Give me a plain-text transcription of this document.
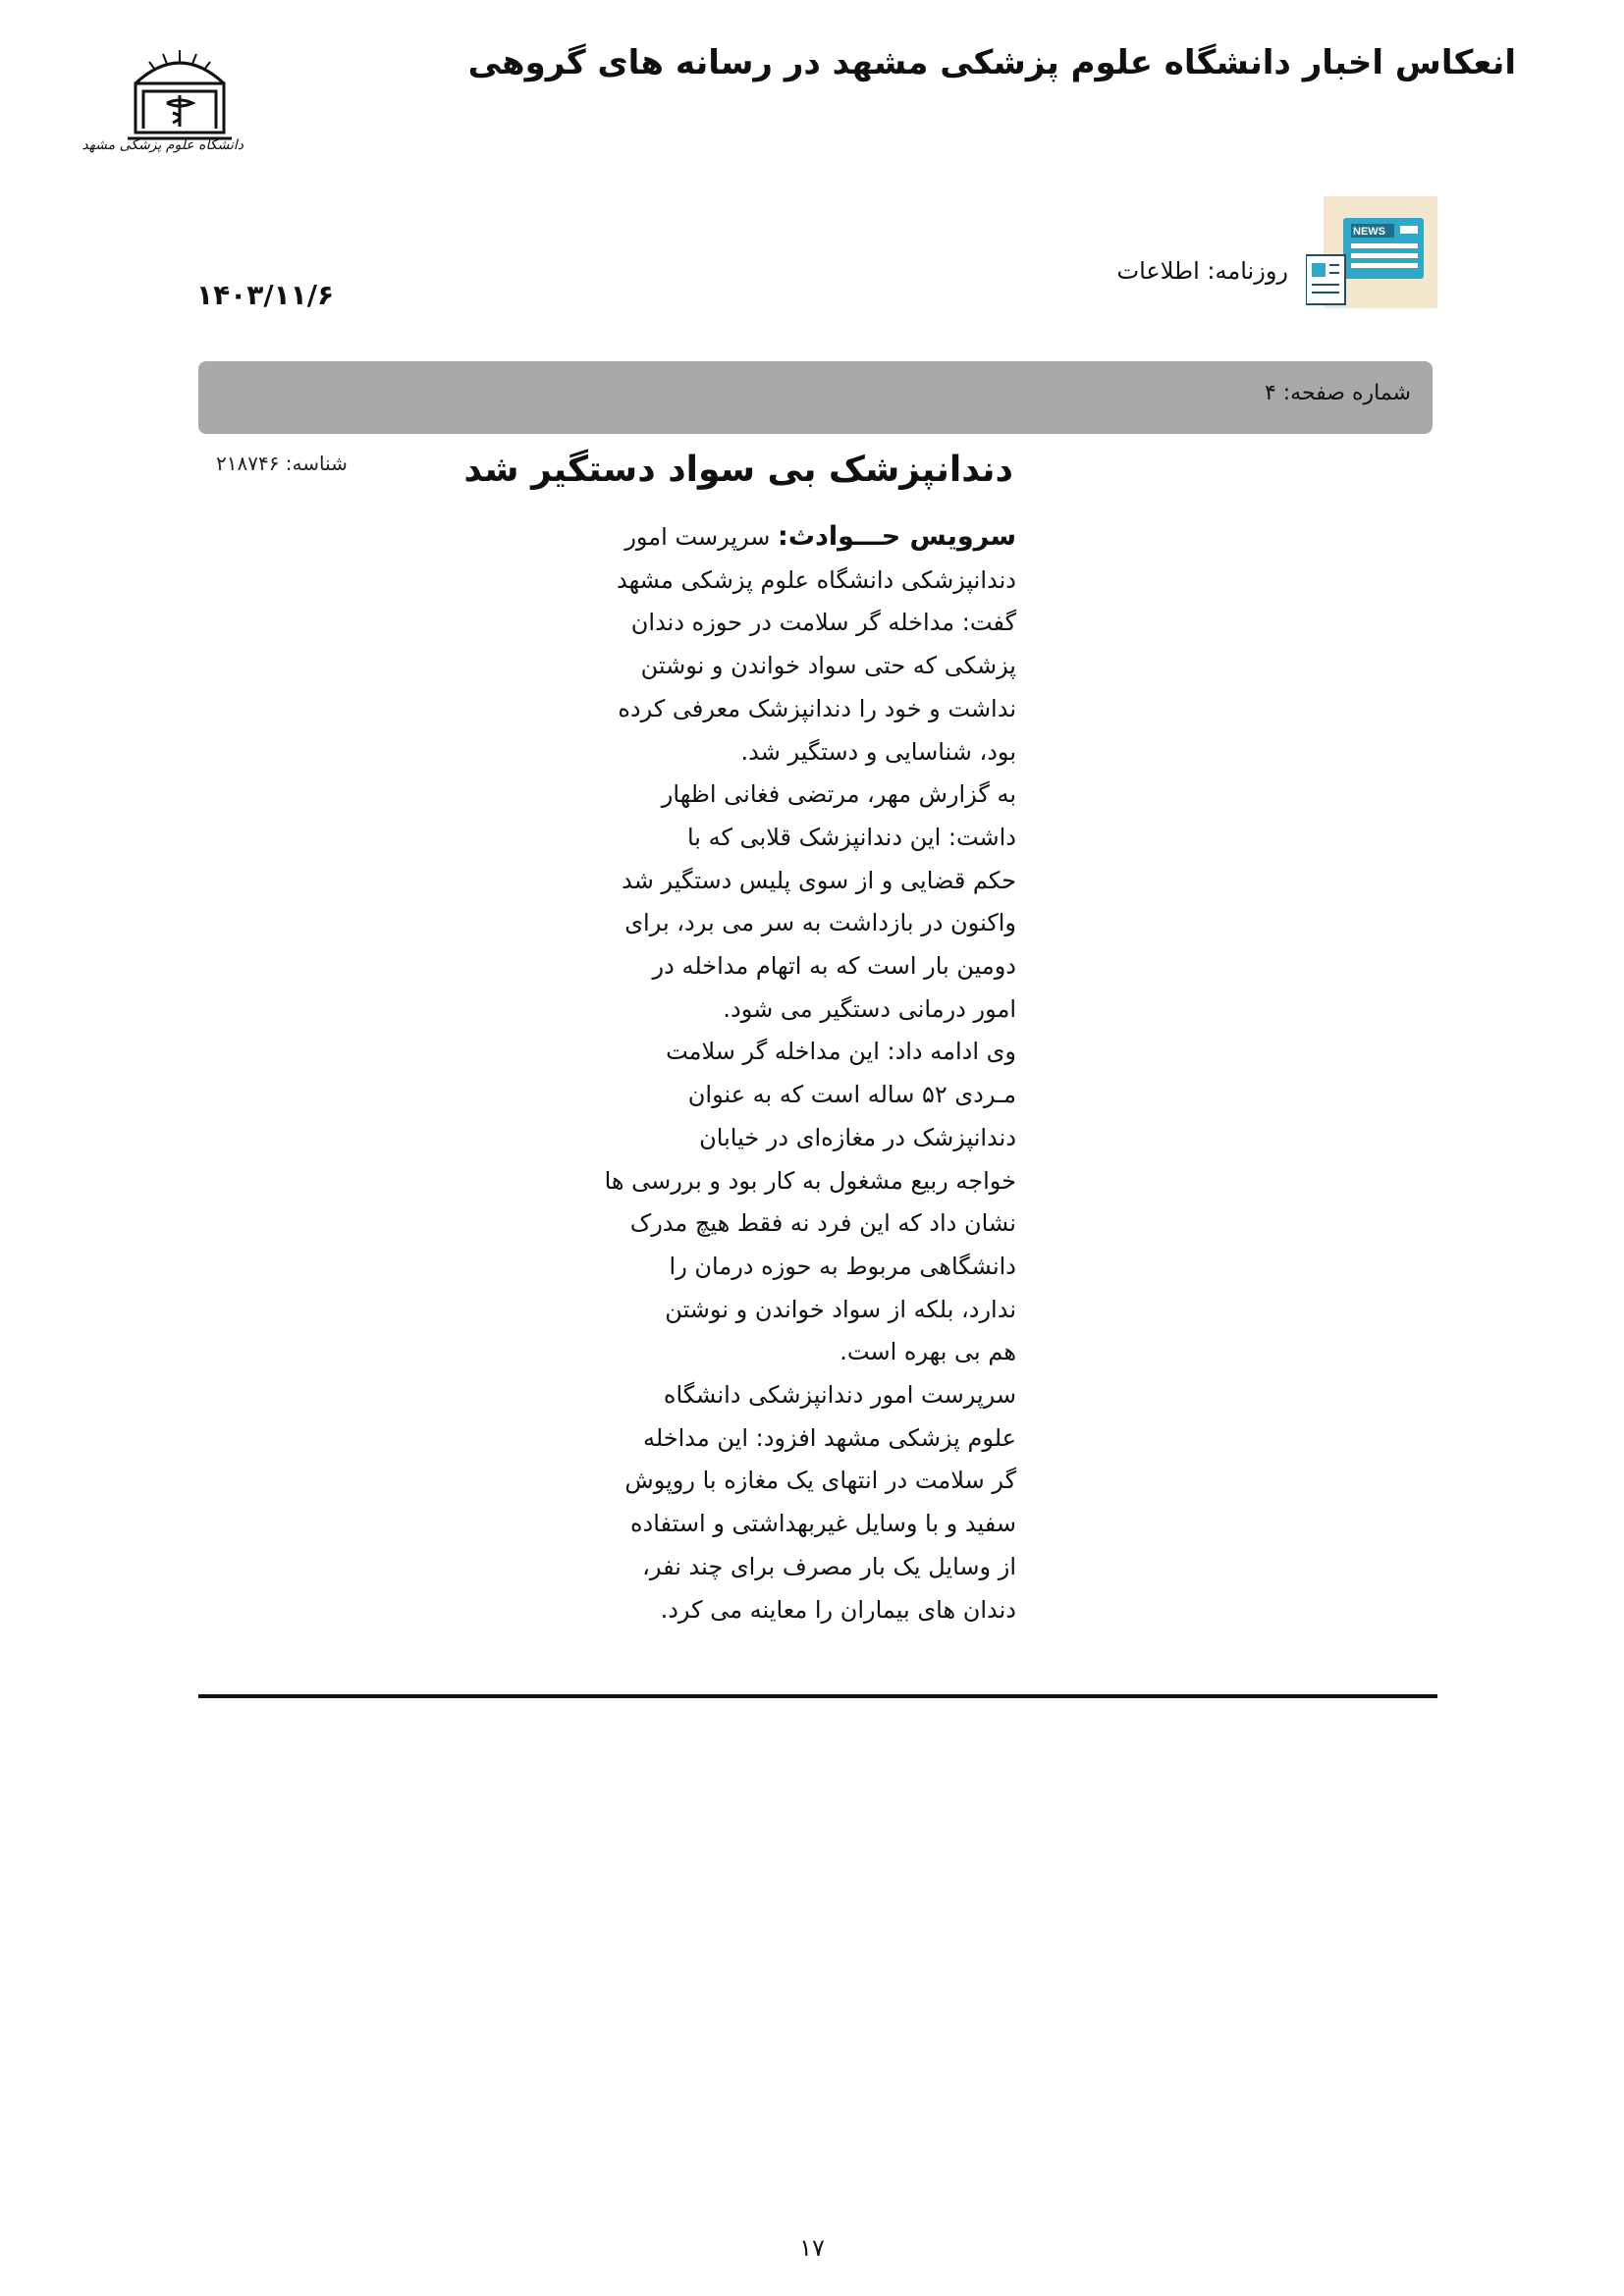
انعکاس اخبار دانشگاه علوم پزشکی مشهد در رسانه های گروهی
دانشگاه علوم پزشکی مشهد
NEWS
روزنامه: اطلاعات
۱۴۰۳/۱۱/۶
شماره صفحه: ۴
شناسه: ۲۱۸۷۴۶	دندانپزشک بی سواد دستگیر شد

سرویس حـــوادث: سرپرست امور

دندانپزشکی دانشگاه علوم پزشکی مشهد

گفت: مداخله گر سلامت در حوزه دندان

پزشکی که حتی سواد خواندن و نوشتن

نداشت و خود را دندانپزشک معرفی کرده

بود، شناسایی و دستگیر شد.

به گزارش مهر، مرتضی فغانی اظهار

داشت: این دندانپزشک قلابی که با

حکم قضایی و از سوی پلیس دستگیر شد

واکنون در بازداشت به سر می برد، برای

دومین بار است که به اتهام مداخله در

امور درمانی دستگیر می شود.

وی ادامه داد: این مداخله گر سلامت

مـردی ۵۲ ساله است که به عنوان

دندانپزشک در مغازه‌ای در خیابان

خواجه ربیع مشغول به کار بود و بررسی ها

نشان داد که این فرد نه فقط هیچ مدرک

دانشگاهی مربوط به حوزه درمان را

ندارد، بلکه از سواد خواندن و نوشتن

هم بی بهره است.

سرپرست امور دندانپزشکی دانشگاه

علوم پزشکی مشهد افزود: این مداخله

گر سلامت در انتهای یک مغازه با روپوش

سفید و با وسایل غیربهداشتی و استفاده

از وسایل یک بار مصرف برای چند نفر،

دندان های بیماران را معاینه می کرد.

۱۷
